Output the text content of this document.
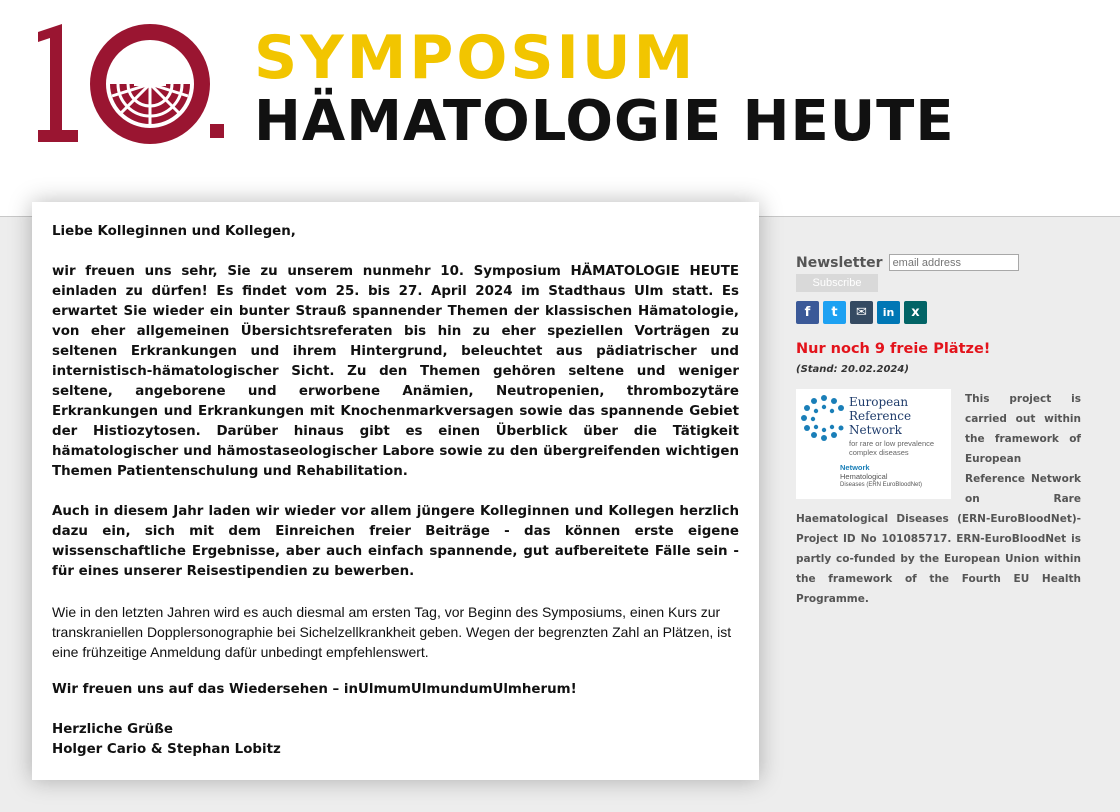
SYMPOSIUM
HÄMATOLOGIE HEUTE

Liebe Kolleginnen und Kollegen,

wir freuen uns sehr, Sie zu unserem nunmehr 10. Symposium HÄMATOLOGIE HEUTE einladen zu dürfen! Es findet vom 25. bis 27. April 2024 im Stadthaus Ulm statt. Es erwartet Sie wieder ein bunter Strauß spannender Themen der klassischen Hämatologie, von eher allgemeinen Übersichtsreferaten bis hin zu eher speziellen Vorträgen zu seltenen Erkrankungen und ihrem Hintergrund, beleuchtet aus pädiatrischer und internistisch-hämatologischer Sicht. Zu den Themen gehören seltene und weniger seltene, angeborene und erworbene Anämien, Neutropenien, thrombozytäre Erkrankungen und Erkrankungen mit Knochenmarkversagen sowie das spannende Gebiet der Histiozytosen. Darüber hinaus gibt es einen Überblick über die Tätigkeit hämatologischer und hämostaseologischer Labore sowie zu den übergreifenden wichtigen Themen Patientenschulung und Rehabilitation.

Auch in diesem Jahr laden wir wieder vor allem jüngere Kolleginnen und Kollegen herzlich dazu ein, sich mit dem Einreichen freier Beiträge - das können erste eigene wissenschaftliche Ergebnisse, aber auch einfach spannende, gut aufbereitete Fälle sein - für eines unserer Reisestipendien zu bewerben.

Wie in den letzten Jahren wird es auch diesmal am ersten Tag, vor Beginn des Symposiums, einen Kurs zur transkraniellen Dopplersonographie bei Sichelzellkrankheit geben. Wegen der begrenzten Zahl an Plätzen, ist eine frühzeitige Anmeldung dafür unbedingt empfehlenswert.

Wir freuen uns auf das Wiedersehen – inUlmumUlmundumUlmherum!

Herzliche Grüße

Holger Cario & Stephan Lobitz

Newsletter
email address
Subscribe
f	t	✉	in	x
Nur noch 9 freie Plätze!
(Stand: 20.02.2024)
European
Reference
Network
for rare or low prevalence
complex diseases
Network
Hematological
Diseases (ERN EuroBloodNet)
This project is carried out within the framework of European Reference Network on Rare Haematological Diseases (ERN-EuroBloodNet)-Project ID No 101085717. ERN-EuroBloodNet is partly co-funded by the European Union within the framework of the Fourth EU Health Programme.
